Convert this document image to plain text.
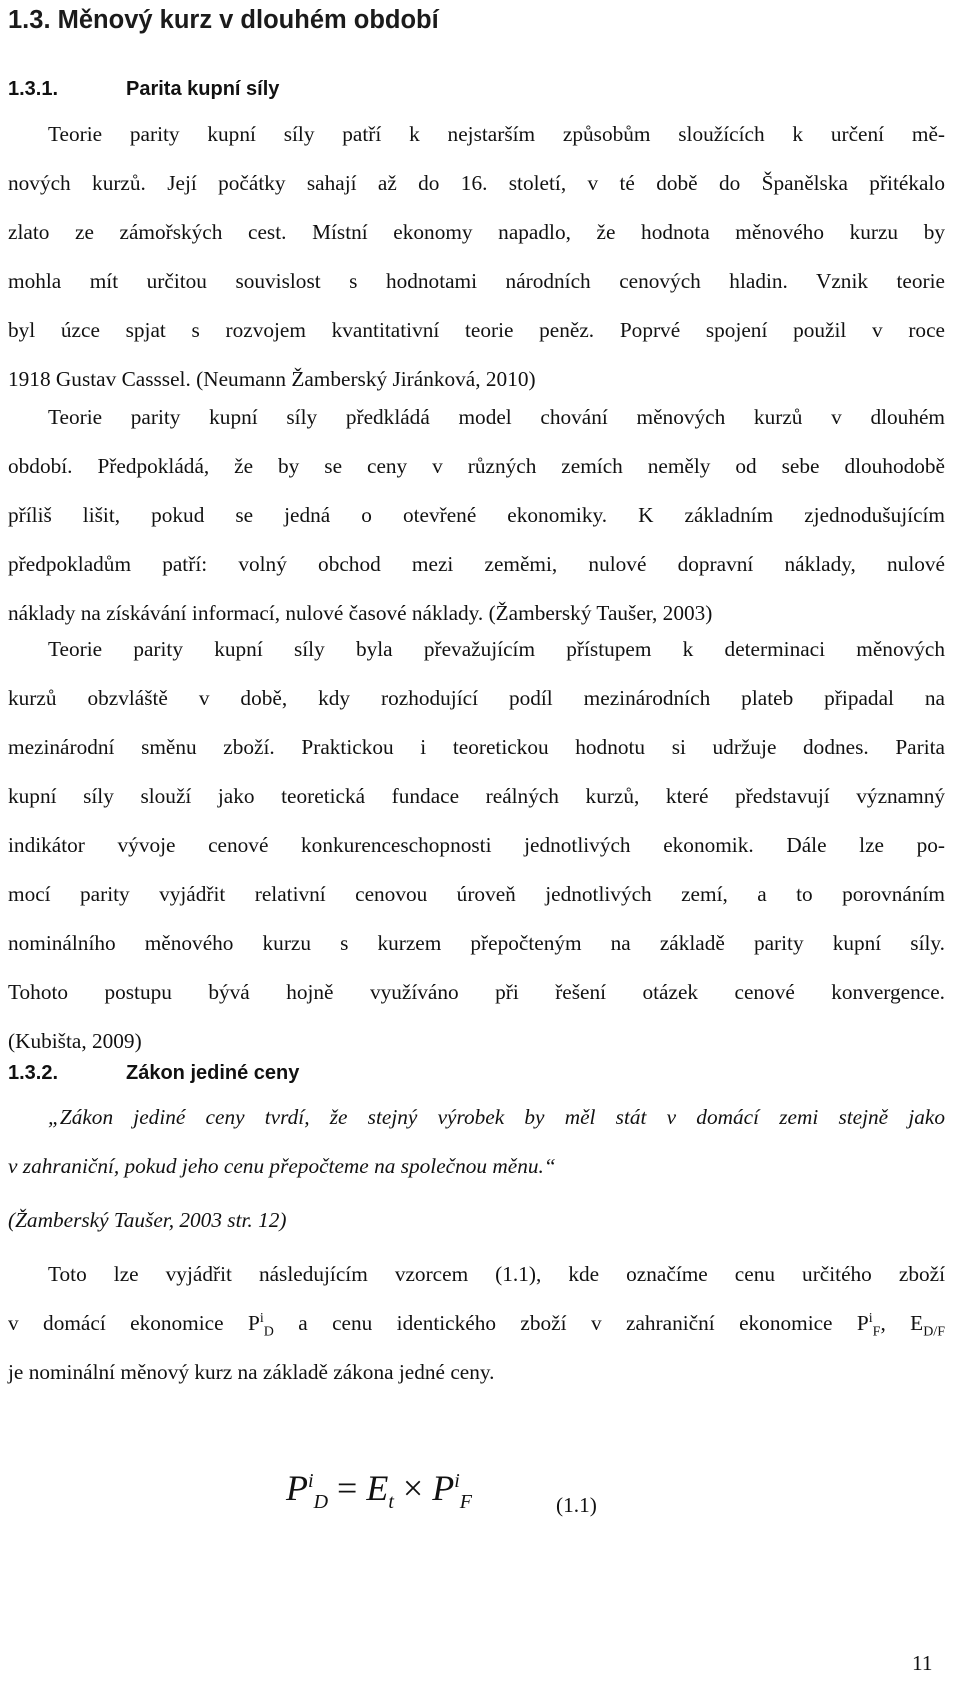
1.3. Měnový kurz v dlouhém období
1.3.1.	Parita kupní síly
Teorie parity kupní síly patří k nejstarším způsobům sloužících k určení mě-
nových kurzů. Její počátky sahají až do 16. století, v té době do Španělska přitékalo
zlato ze zámořských cest. Místní ekonomy napadlo, že hodnota měnového kurzu by
mohla mít určitou souvislost s hodnotami národních cenových hladin. Vznik teorie
byl úzce spjat s rozvojem kvantitativní teorie peněz. Poprvé spojení použil v roce
1918 Gustav Casssel. (Neumann Žamberský Jiránková, 2010)
Teorie parity kupní síly předkládá model chování měnových kurzů v dlouhém
období. Předpokládá, že by se ceny v různých zemích neměly od sebe dlouhodobě
příliš lišit, pokud se jedná o otevřené ekonomiky. K základním zjednodušujícím
předpokladům patří: volný obchod mezi zeměmi, nulové dopravní náklady, nulové
náklady na získávání informací, nulové časové náklady. (Žamberský Taušer, 2003)
Teorie parity kupní síly byla převažujícím přístupem k determinaci měnových
kurzů obzvláště v době, kdy rozhodující podíl mezinárodních plateb připadal na
mezinárodní směnu zboží. Praktickou i teoretickou hodnotu si udržuje dodnes. Parita
kupní síly slouží jako teoretická fundace reálných kurzů, které představují významný
indikátor vývoje cenové konkurenceschopnosti jednotlivých ekonomik. Dále lze po-
mocí parity vyjádřit relativní cenovou úroveň jednotlivých zemí, a to porovnáním
nominálního měnového kurzu s kurzem přepočteným na základě parity kupní síly.
Tohoto postupu bývá hojně využíváno při řešení otázek cenové konvergence.
(Kubišta, 2009)
1.3.2.	Zákon jediné ceny
„Zákon jediné ceny tvrdí, že stejný výrobek by měl stát v domácí zemi stejně jako
v zahraniční, pokud jeho cenu přepočteme na společnou měnu.“
(Žamberský Taušer, 2003 str. 12)
Toto lze vyjádřit následujícím vzorcem (1.1), kde označíme cenu určitého zboží
v domácí ekonomice $P^i_D$ a cenu identického zboží v zahraniční ekonomice $P^i_F$, $E_{D/F}$
je nominální měnový kurz na základě zákona jedné ceny.
$P^i_D = E_t \times P^i_F$	(1.1)
11
